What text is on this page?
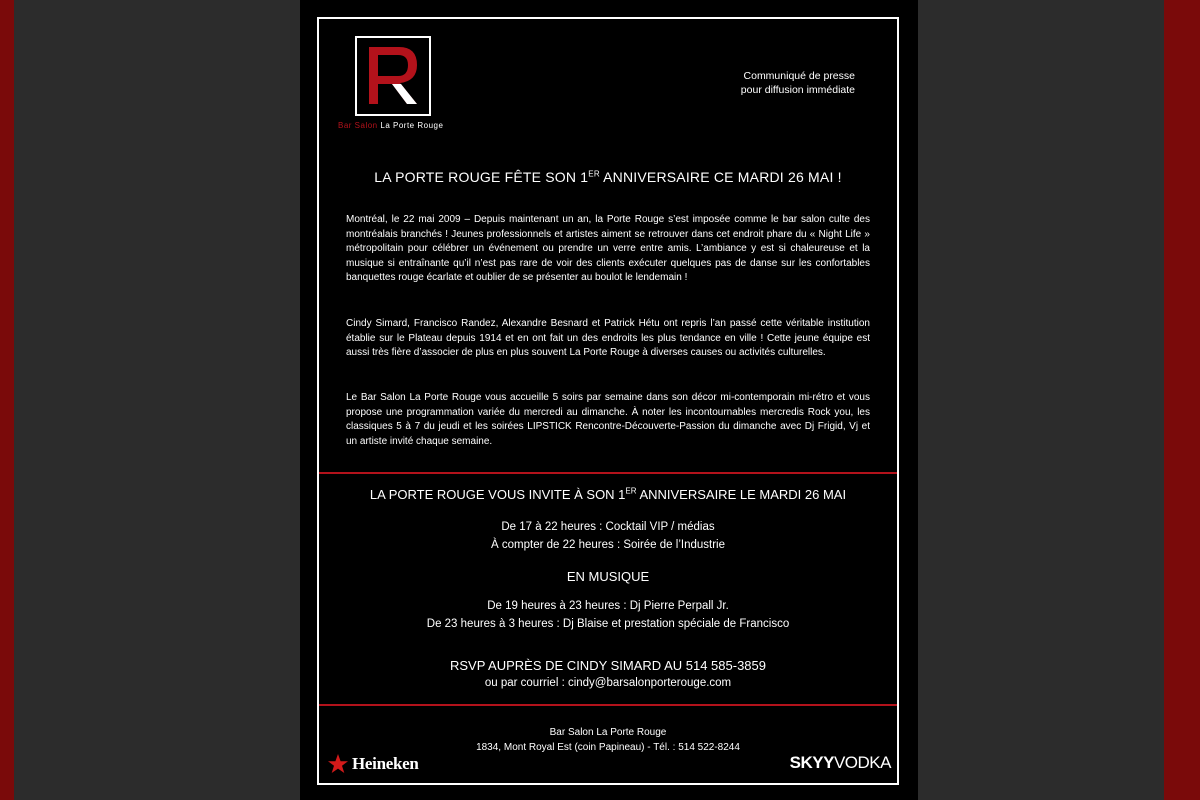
Bar Salon La Porte Rouge
Communiqué de presse
pour diffusion immédiate
LA PORTE ROUGE FÊTE SON 1ER ANNIVERSAIRE CE MARDI 26 MAI !
Montréal, le 22 mai 2009 – Depuis maintenant un an, la Porte Rouge s’est imposée comme le bar salon culte des montréalais branchés ! Jeunes professionnels et artistes aiment se retrouver dans cet endroit phare du « Night Life » métropolitain pour célébrer un événement ou prendre un verre entre amis. L’ambiance y est si chaleureuse et la musique si entraînante qu’il n’est pas rare de voir des clients exécuter quelques pas de danse sur les confortables banquettes rouge écarlate et oublier de se présenter au boulot le lendemain !
Cindy Simard, Francisco Randez, Alexandre Besnard et Patrick Hétu ont repris l’an passé cette véritable institution établie sur le Plateau depuis 1914 et en ont fait un des endroits les plus tendance en ville ! Cette jeune équipe est aussi très fière d’associer de plus en plus souvent La Porte Rouge à diverses causes ou activités culturelles.
Le Bar Salon La Porte Rouge vous accueille 5 soirs par semaine dans son décor mi-contemporain mi-rétro et vous propose une programmation variée du mercredi au dimanche. À noter les incontournables mercredis Rock you, les classiques 5 à 7 du jeudi et les soirées LIPSTICK Rencontre-Découverte-Passion du dimanche avec Dj Frigid, Vj et un artiste invité chaque semaine.
LA PORTE ROUGE VOUS INVITE À SON 1ER ANNIVERSAIRE LE MARDI 26 MAI
De 17 à 22 heures : Cocktail VIP / médias
À compter de 22 heures : Soirée de l’Industrie
EN MUSIQUE
De 19 heures à 23 heures : Dj Pierre Perpall Jr.
De 23 heures à 3 heures : Dj Blaise et prestation spéciale de Francisco
RSVP AUPRÈS DE CINDY SIMARD AU 514 585-3859
ou par courriel : cindy@barsalonporterouge.com
Bar Salon La Porte Rouge
1834, Mont Royal Est (coin Papineau) - Tél. : 514 522-8244
Heineken	SKYYVODKA
